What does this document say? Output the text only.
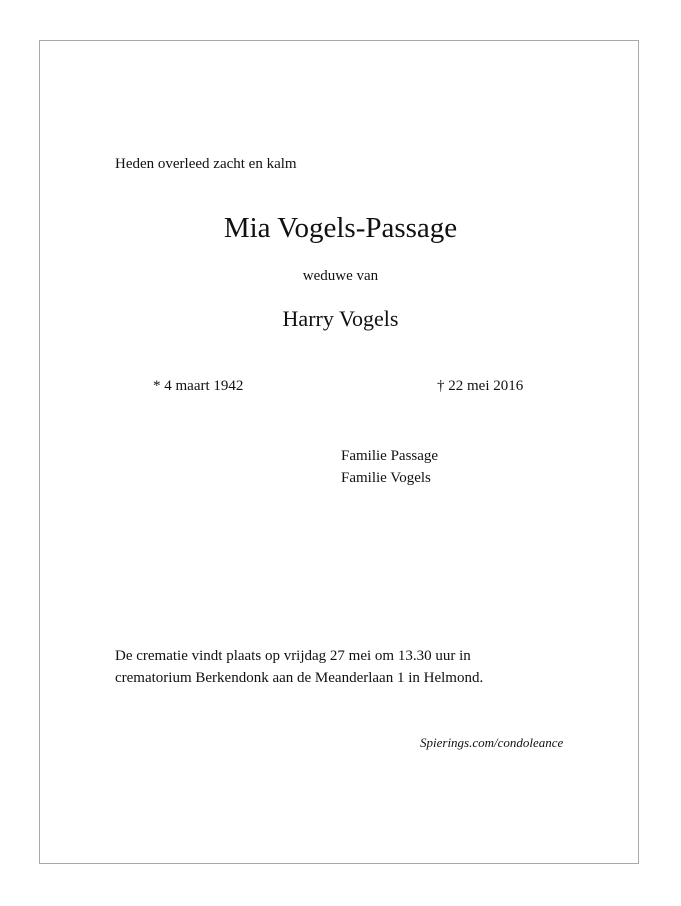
Heden overleed zacht en kalm
Mia Vogels-Passage
weduwe van
Harry Vogels
* 4 maart 1942	† 22 mei 2016
Familie Passage
Familie Vogels
De crematie vindt plaats op vrijdag 27 mei om 13.30 uur in
crematorium Berkendonk aan de Meanderlaan 1 in Helmond.
Spierings.com/condoleance
